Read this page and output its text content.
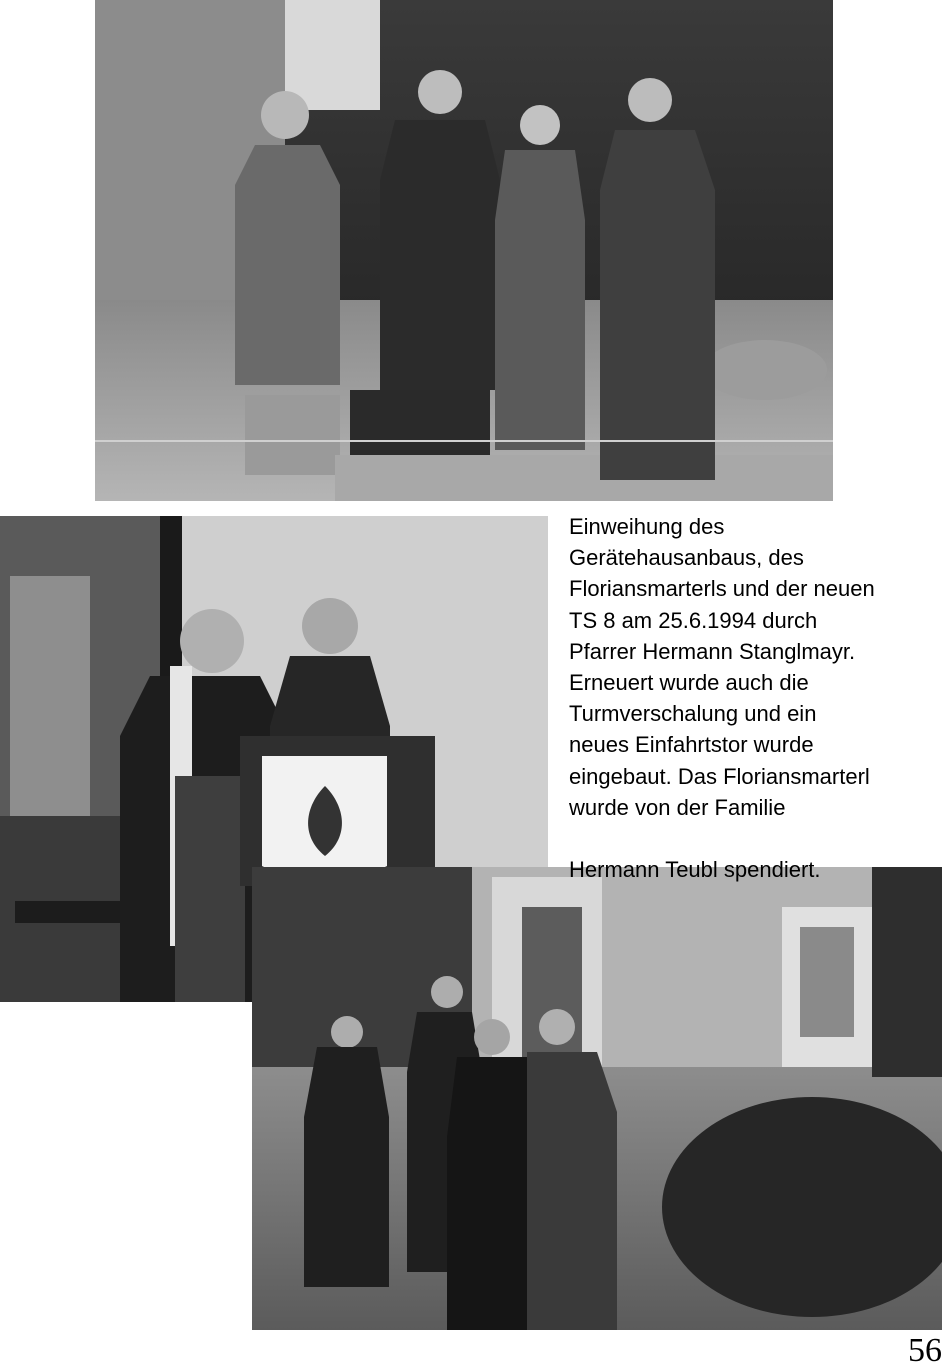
Einweihung des
Gerätehausanbaus, des
Floriansmarterls und der neuen
TS 8 am 25.6.1994 durch
Pfarrer Hermann Stanglmayr.
Erneuert wurde auch die
Turmverschalung und ein
neues Einfahrtstor wurde
eingebaut. Das Floriansmarterl
wurde von der Familie
Hermann Teubl spendiert.
56
